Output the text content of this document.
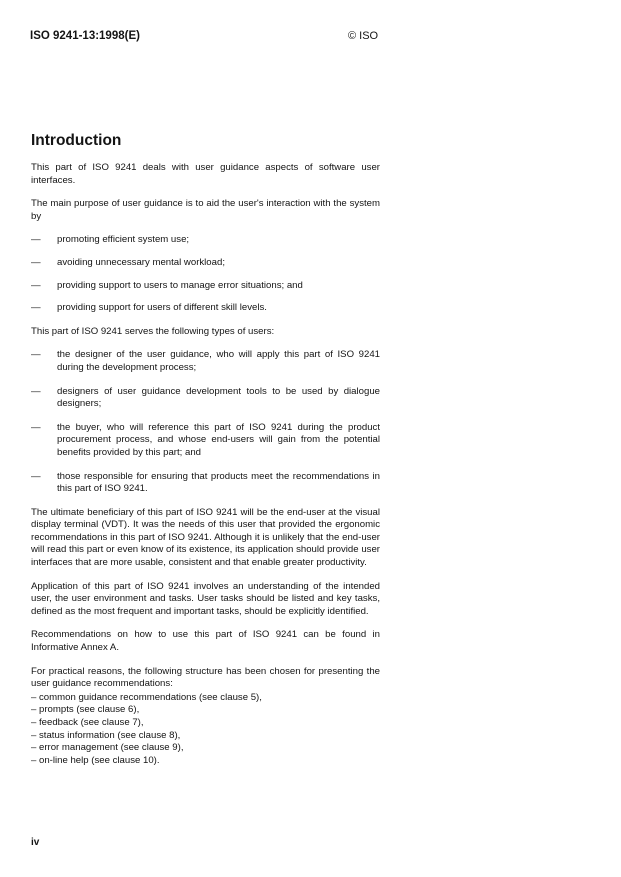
ISO 9241-13:1998(E)	© ISO
Introduction

This part of ISO 9241 deals with user guidance aspects of software user interfaces.

The main purpose of user guidance is to aid the user's interaction with the system by

—	promoting efficient system use;
—	avoiding unnecessary mental workload;
—	providing support to users to manage error situations; and
—	providing support for users of different skill levels.

This part of ISO 9241 serves the following types of users:

—	the designer of the user guidance, who will apply this part of ISO 9241 during the development process;
—	designers of user guidance development tools to be used by dialogue designers;
—	the buyer, who will reference this part of ISO 9241 during the product procurement process, and whose end-users will gain from the potential benefits provided by this part; and
—	those responsible for ensuring that products meet the recommendations in this part of ISO 9241.

The ultimate beneficiary of this part of ISO 9241 will be the end-user at the visual display terminal (VDT). It was the needs of this user that provided the ergonomic recommendations in this part of ISO 9241. Although it is unlikely that the end-user will read this part or even know of its existence, its application should provide user interfaces that are more usable, consistent and that enable greater productivity.

Application of this part of ISO 9241 involves an understanding of the intended user, the user environment and tasks. User tasks should be listed and key tasks, defined as the most frequent and important tasks, should be explicitly identified.

Recommendations on how to use this part of ISO 9241 can be found in Informative Annex A.

For practical reasons, the following structure has been chosen for presenting the user guidance recommendations:

– common guidance recommendations (see clause 5),
– prompts (see clause 6),
– feedback (see clause 7),
– status information (see clause 8),
– error management (see clause 9),
– on-line help (see clause 10).
iv
